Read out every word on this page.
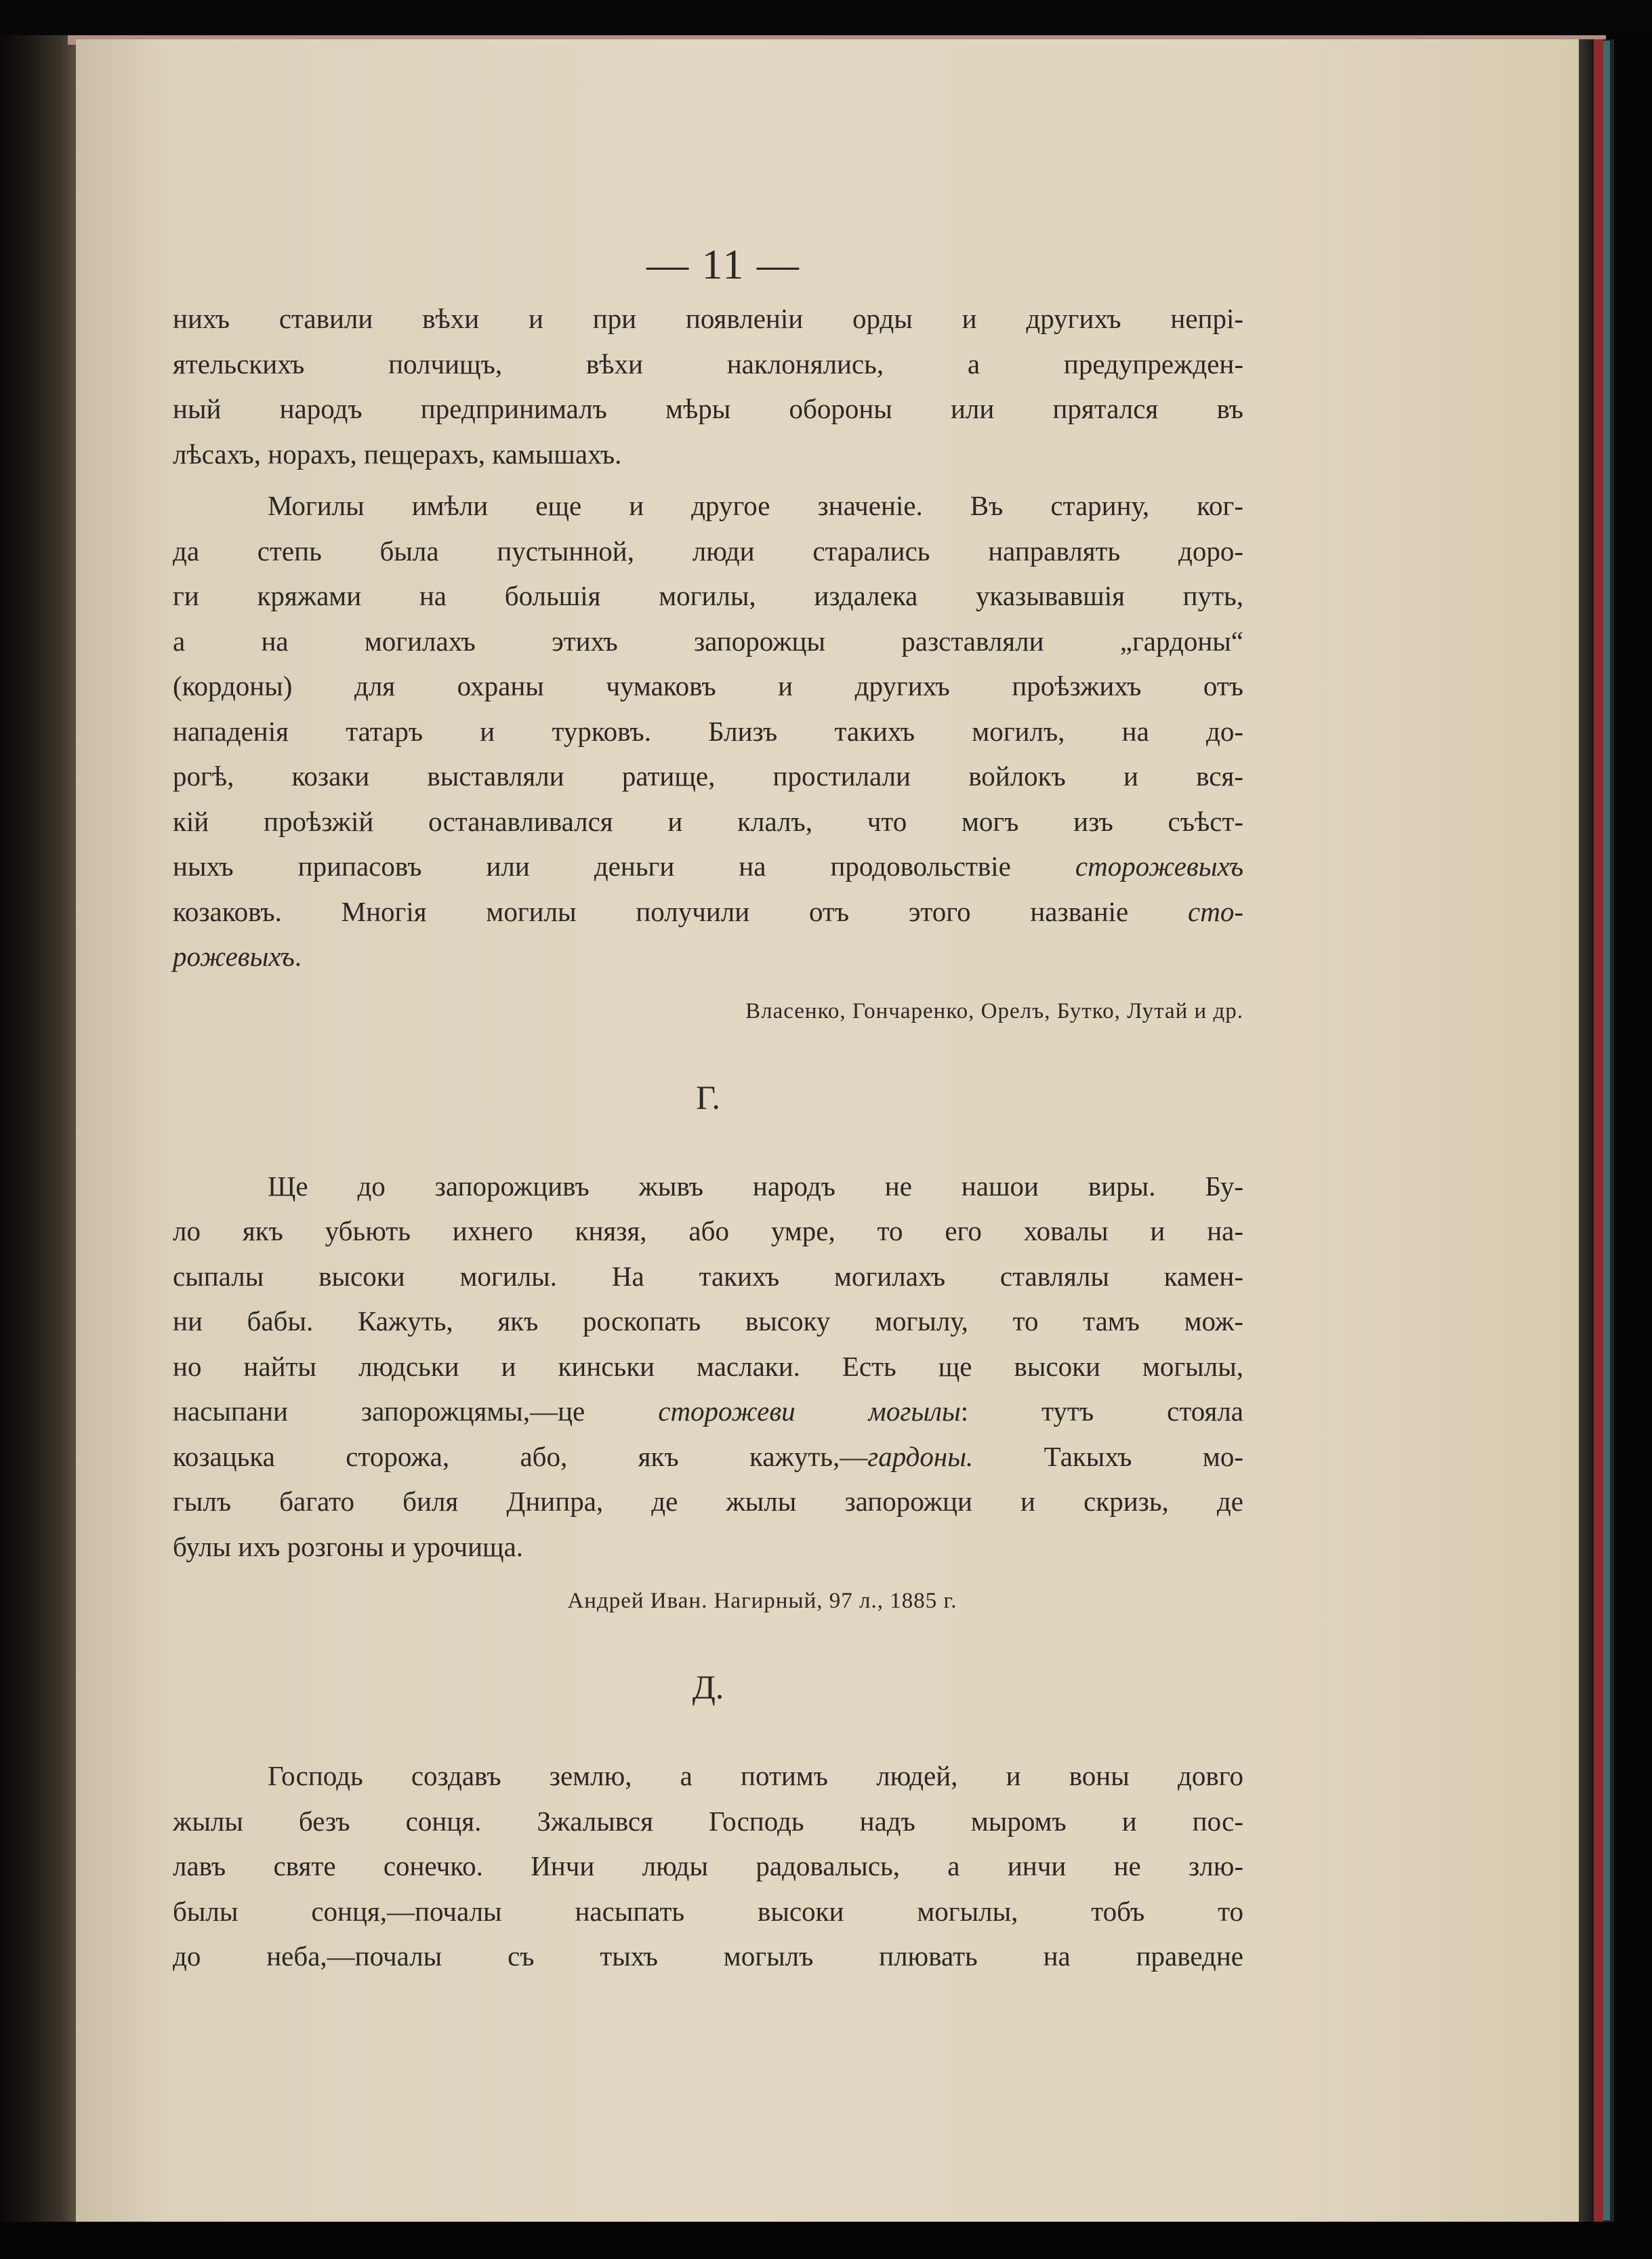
— 11 —

нихъ ставили вѣхи и при появленіи орды и другихъ непрі-

ятельскихъ полчищъ, вѣхи наклонялись, а предупрежден-

ный народъ предпринималъ мѣры обороны или прятался въ

лѣсахъ, норахъ, пещерахъ, камышахъ.

Могилы имѣли еще и другое значеніе. Въ старину, ког-

да степь была пустынной, люди старались направлять доро-

ги кряжами на большія могилы, издалека указывавшія путь,

а на могилахъ этихъ запорожцы разставляли „гардоны“

(кордоны) для охраны чумаковъ и другихъ проѣзжихъ отъ

нападенія татаръ и турковъ. Близъ такихъ могилъ, на до-

рогѣ, козаки выставляли ратище, простилали войлокъ и вся-

кій проѣзжій останавливался и клалъ, что могъ изъ съѣст-

ныхъ припасовъ или деньги на продовольствіе сторожевыхъ

козаковъ. Многія могилы получили отъ этого названіе сто-

рожевыхъ.

Власенко, Гончаренко, Орелъ, Бутко, Лутай и др.
Г.

Ще до запорожцивъ жывъ народъ не нашои виры. Бу-

ло якъ убьють ихнего князя, або умре, то его ховалы и на-

сыпалы высоки могилы. На такихъ могилахъ ставлялы камен-

ни бабы. Кажуть, якъ роскопать высоку могылу, то тамъ мож-

но найты людськи и кинськи маслаки. Есть ще высоки могылы,

насыпани запорожцямы,—це сторожеви могылы: тутъ стояла

козацька сторожа, або, якъ кажуть,—гардоны. Такыхъ мо-

гылъ багато биля Днипра, де жылы запорожци и скризь, де

булы ихъ розгоны и урочища.

Андрей Иван. Нагирный, 97 л., 1885 г.
Д.

Господь создавъ землю, а потимъ людей, и воны довго

жылы безъ сонця. Зжалывся Господь надъ мыромъ и пос-

лавъ святе сонечко. Инчи люды радовалысь, а инчи не злю-

былы сонця,—почалы насыпать высоки могылы, тобъ то

до неба,—почалы съ тыхъ могылъ плювать на праведне
